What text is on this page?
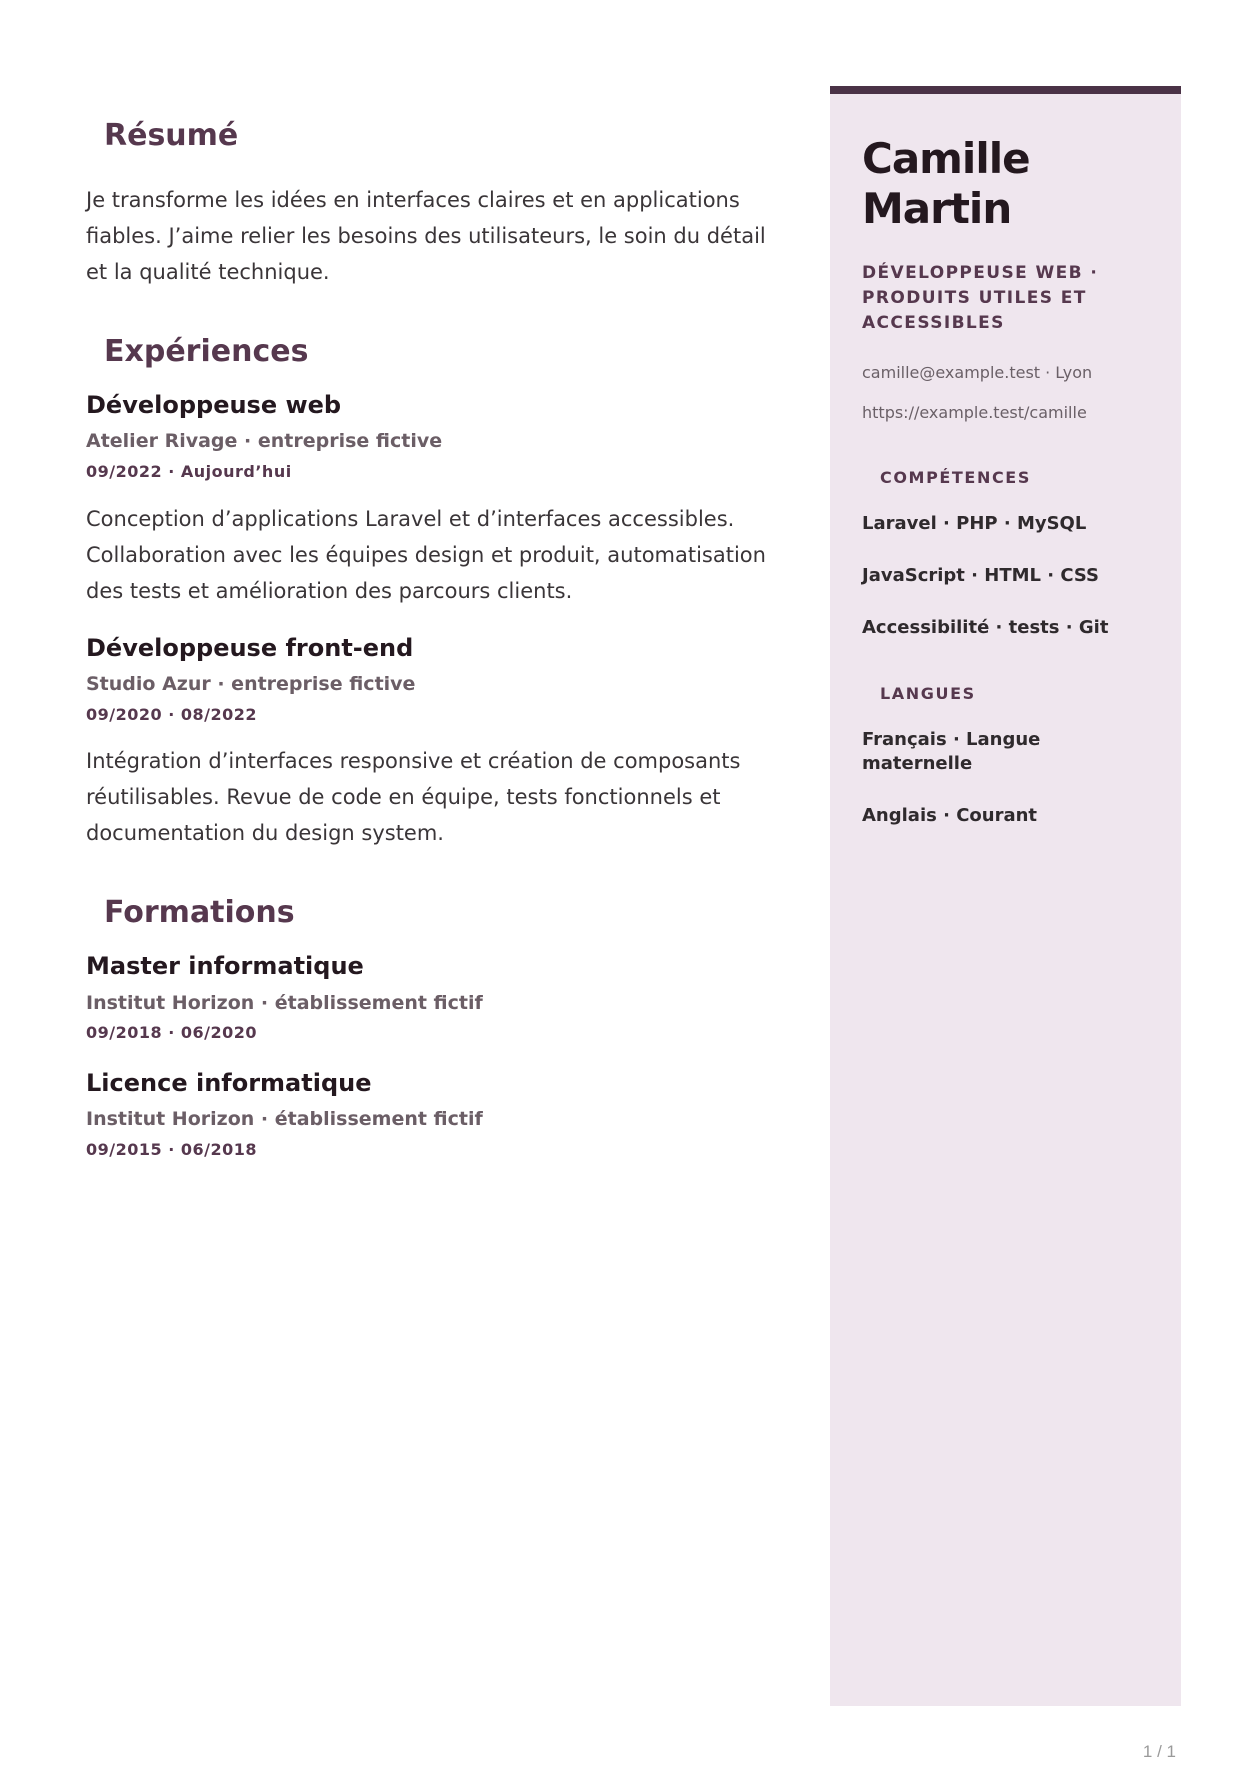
Résumé

Je transforme les idées en interfaces claires et en applications fiables. J’aime relier les besoins des utilisateurs, le soin du détail et la qualité technique.

Expériences
Développeuse web

Atelier Rivage · entreprise fictive

09/2022 · Aujourd’hui

Conception d’applications Laravel et d’interfaces accessibles. Collaboration avec les équipes design et produit, automatisation des tests et amélioration des parcours clients.

Développeuse front-end

Studio Azur · entreprise fictive

09/2020 · 08/2022

Intégration d’interfaces responsive et création de composants réutilisables. Revue de code en équipe, tests fonctionnels et documentation du design system.

Formations
Master informatique

Institut Horizon · établissement fictif

09/2018 · 06/2020

Licence informatique

Institut Horizon · établissement fictif

09/2015 · 06/2018

Camille Martin

DÉVELOPPEUSE WEB · PRODUITS UTILES ET ACCESSIBLES

camille@example.test · Lyon

https://example.test/camille

COMPÉTENCES
Laravel · PHP · MySQL
JavaScript · HTML · CSS
Accessibilité · tests · Git
LANGUES
Français · Langue maternelle
Anglais · Courant
1 / 1
